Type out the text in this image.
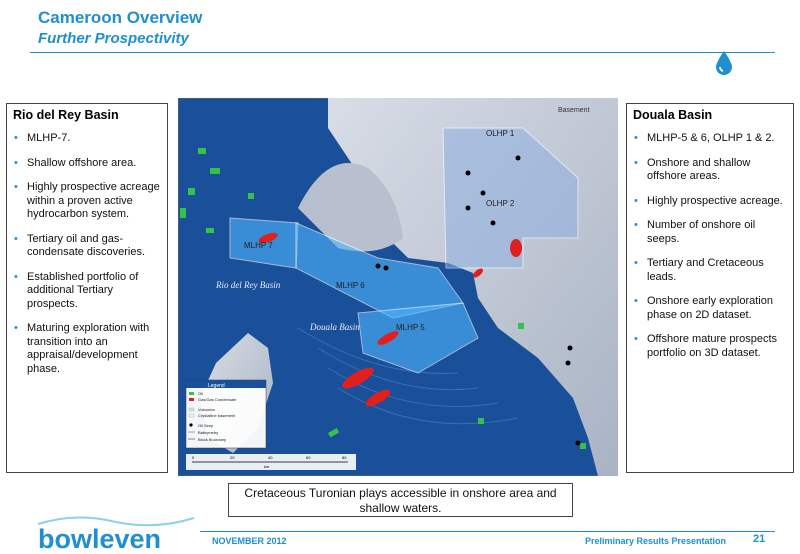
Cameroon Overview
Further Prospectivity
Rio del Rey Basin
• MLHP-7.
• Shallow offshore area.
• Highly prospective acreage within a proven active hydrocarbon system.
• Tertiary oil and gas-condensate discoveries.
• Established portfolio of additional Tertiary prospects.
• Maturing exploration with transition into an appraisal/development phase.
Basement
OLHP 1
OLHP 2
MLHP 7
MLHP 6
MLHP 5
Rio del Rey Basin
Douala Basin
Legend
Oil
Gas/Gas Condensate
Volcanics
Crystalline basement
Oil Seep
Bathymetry
Block Boundary
0	20	40	60	80
km
Douala Basin
• MLHP-5 & 6, OLHP 1 & 2.
• Onshore and shallow offshore areas.
• Highly prospective acreage.
• Number of onshore oil seeps.
• Tertiary and Cretaceous leads.
• Onshore early exploration phase on 2D dataset.
• Offshore mature prospects portfolio on 3D dataset.
Cretaceous Turonian plays accessible in onshore area and
shallow waters.
bowleven	NOVEMBER 2012	Preliminary Results Presentation 21
